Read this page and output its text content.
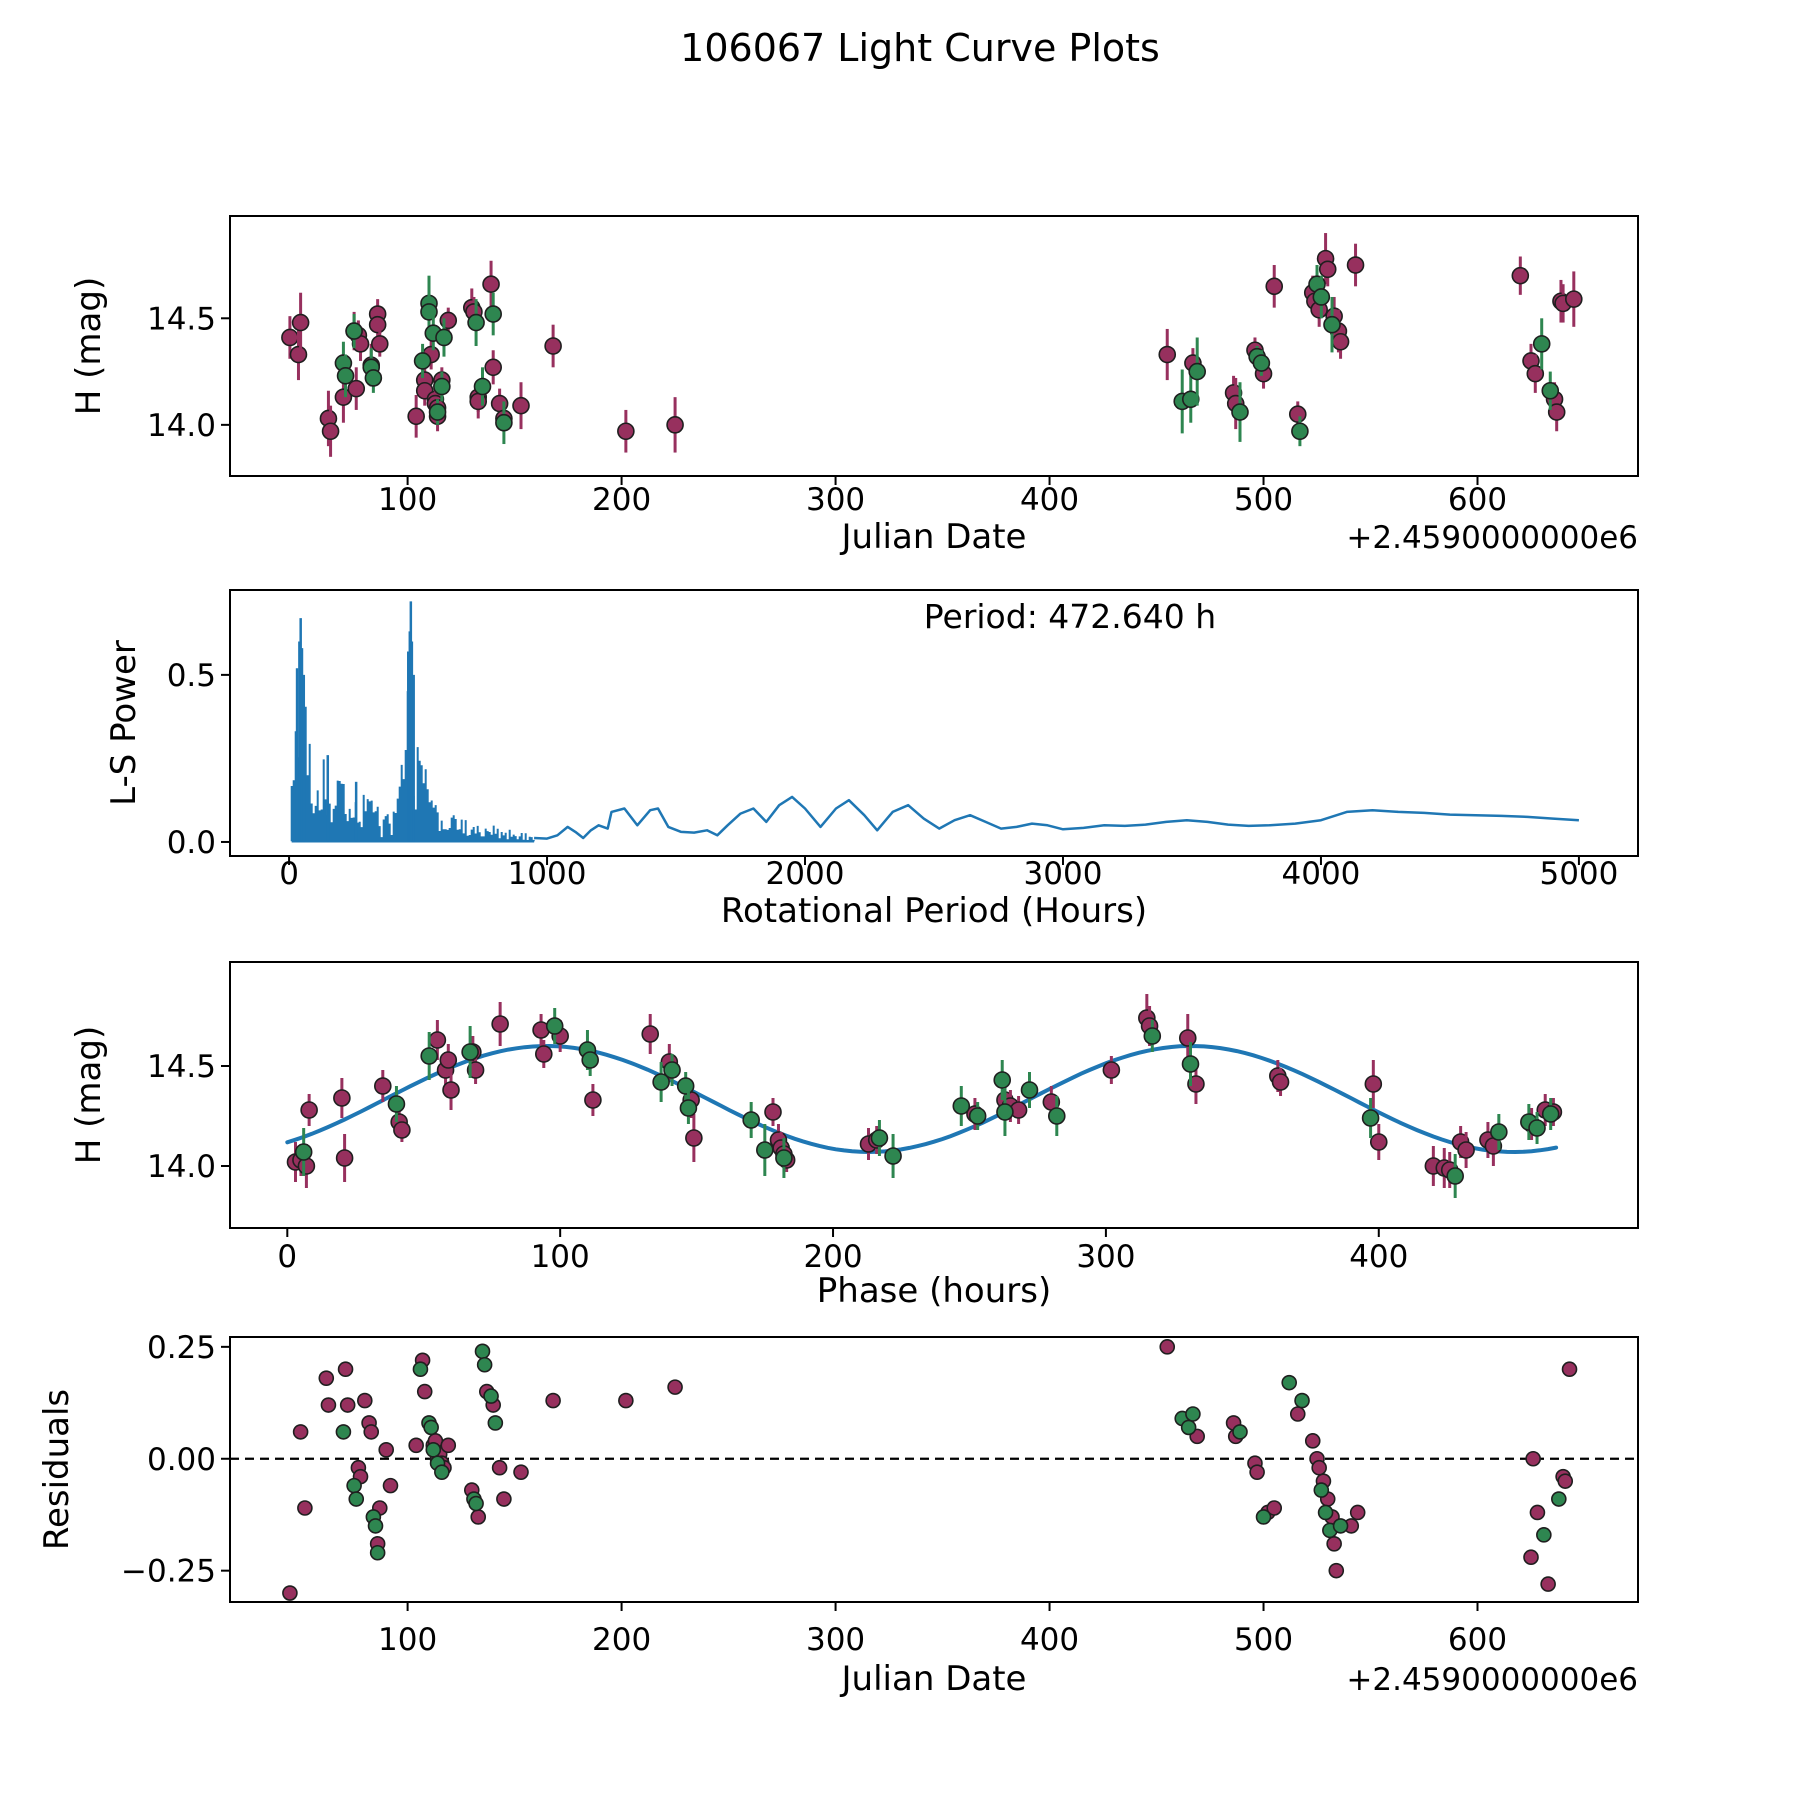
106067 Light Curve Plots
Period: 472.640 h
100	200	300	400	500	600
14.0
14.5
Julian Date	+2.4590000000e6
H (mag)
0	1000	2000	3000	4000	5000
0.0
0.5
Rotational Period (Hours)
L-S Power
0	100	200	300	400
14.0
14.5
Phase (hours)
H (mag)
100	200	300	400	500	600
−0.25
0.00
0.25
Julian Date	+2.4590000000e6
Residuals
